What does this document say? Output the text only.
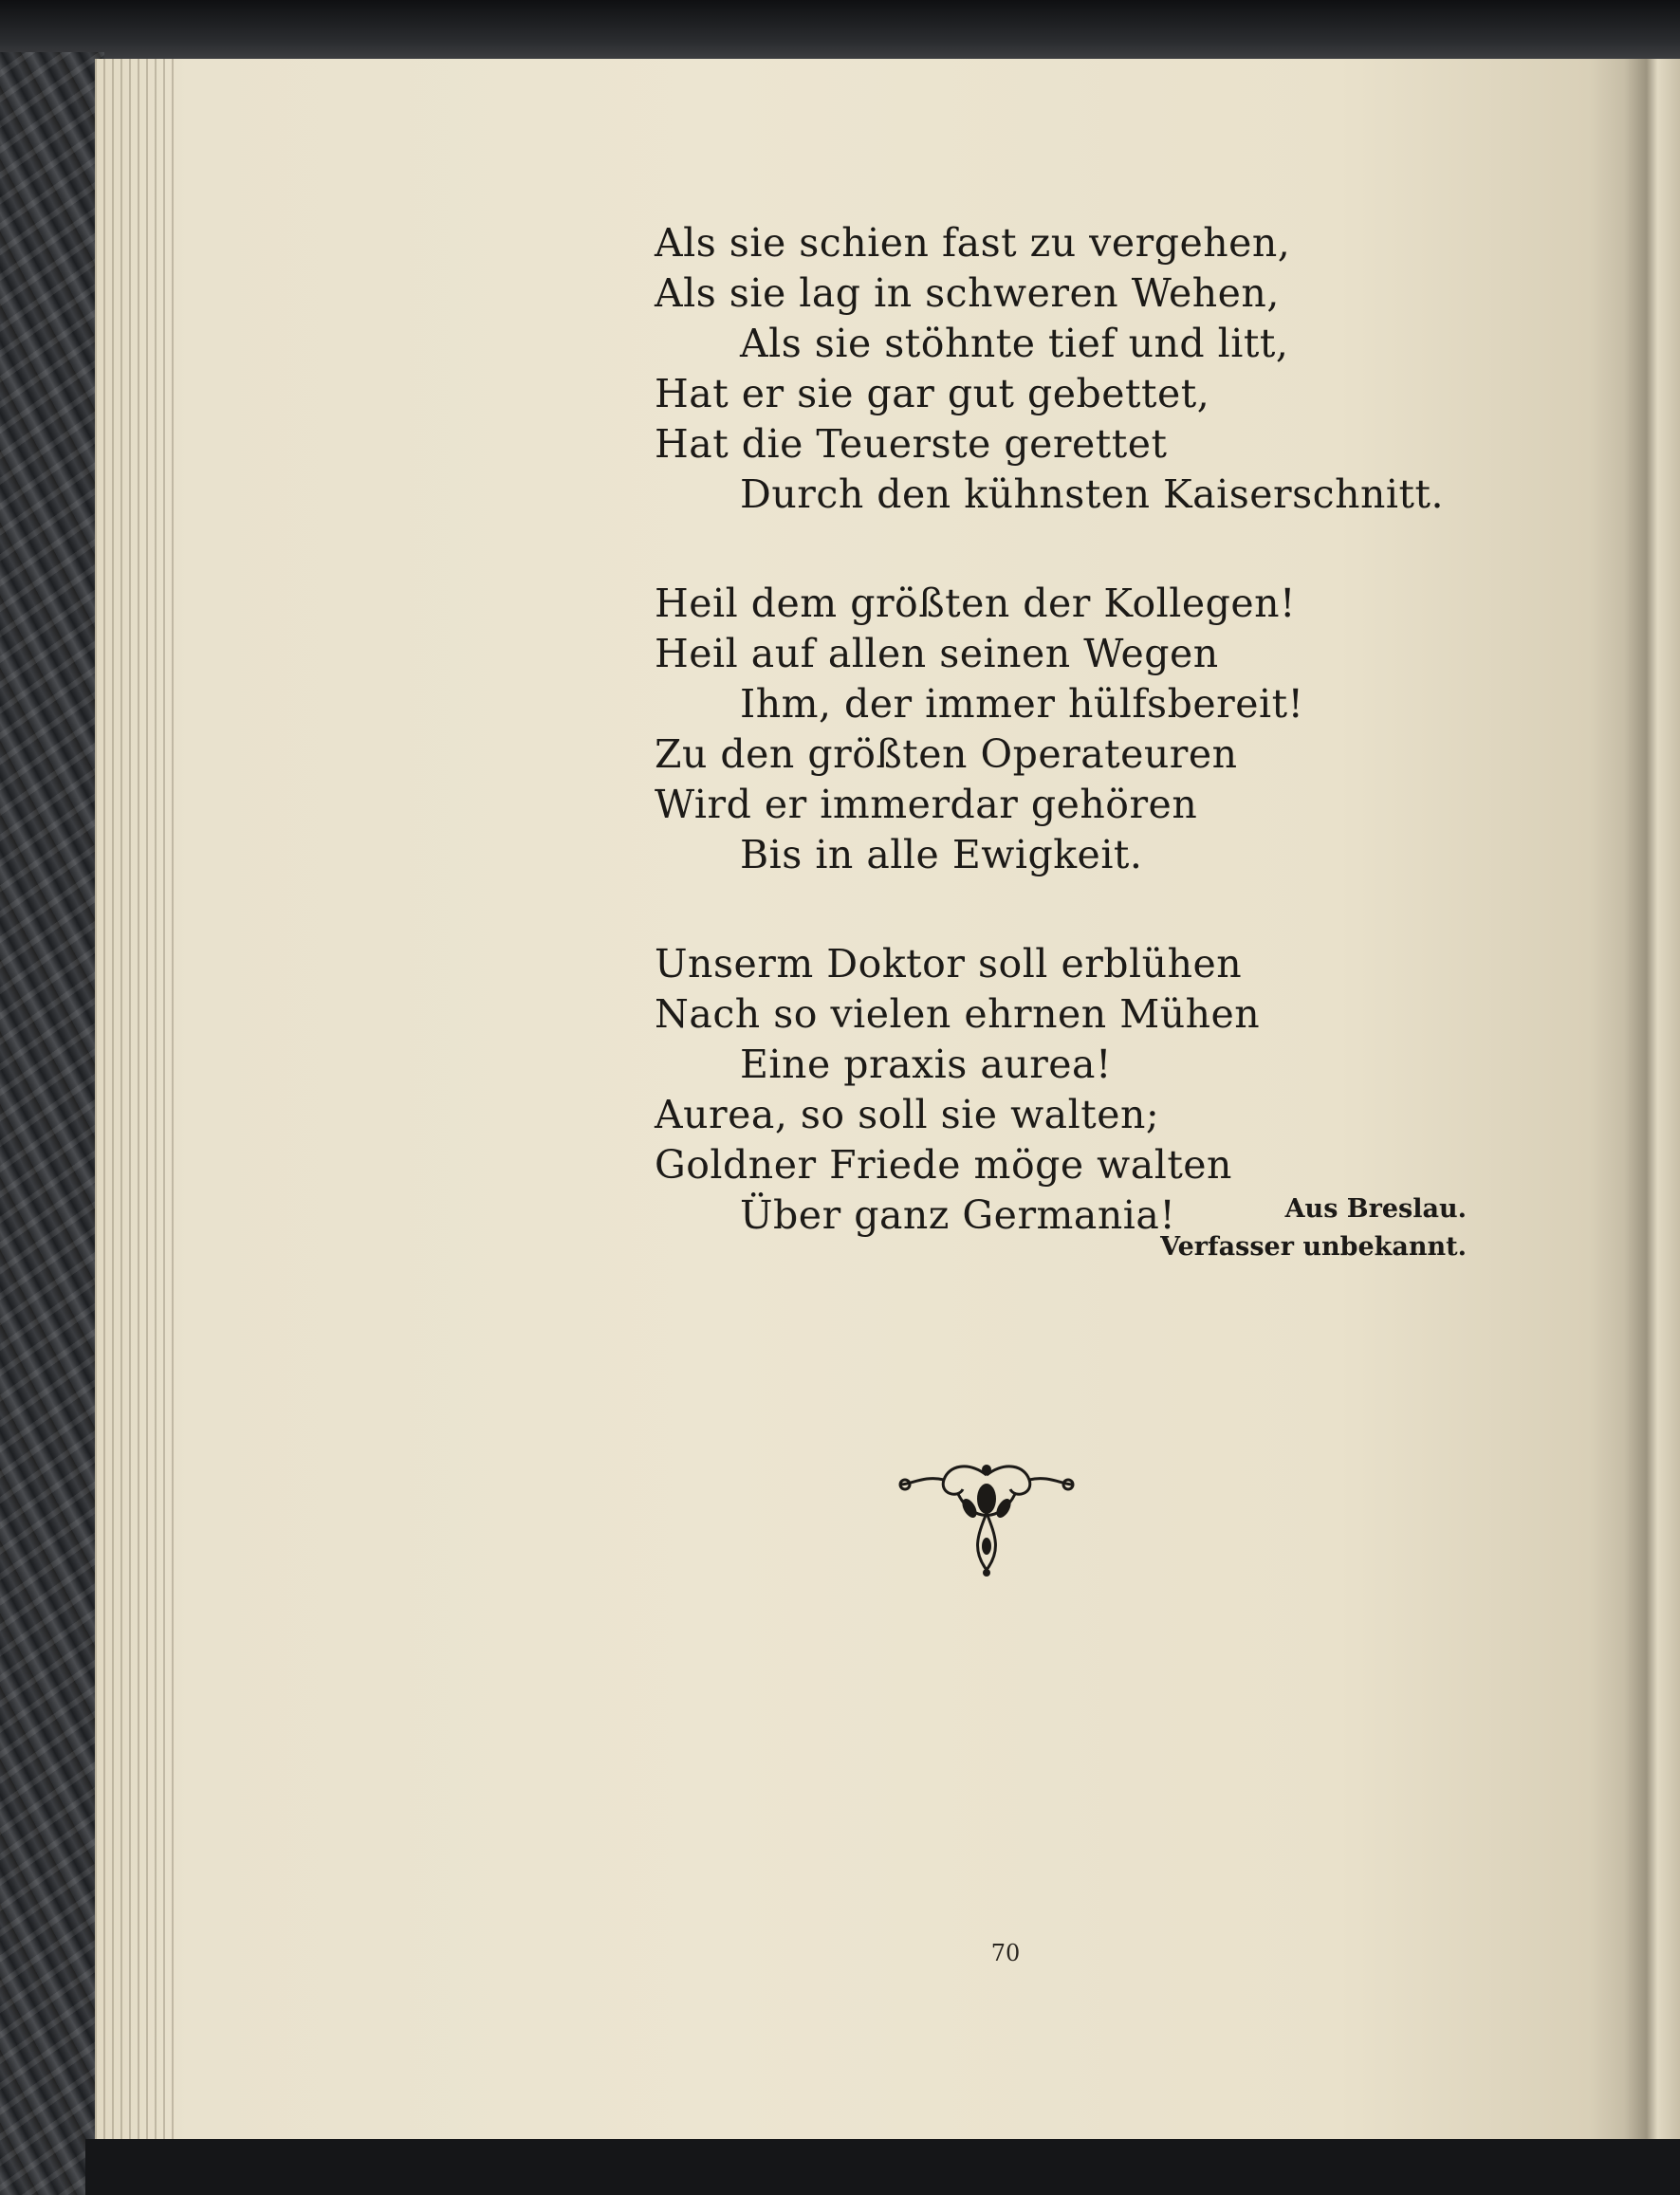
Als sie schien fast zu vergehen,
Als sie lag in schweren Wehen,
Als sie stöhnte tief und litt,
Hat er sie gar gut gebettet,
Hat die Teuerste gerettet
Durch den kühnsten Kaiserschnitt.
Heil dem größten der Kollegen!
Heil auf allen seinen Wegen
Ihm, der immer hülfsbereit!
Zu den größten Operateuren
Wird er immerdar gehören
Bis in alle Ewigkeit.
Unserm Doktor soll erblühen
Nach so vielen ehrnen Mühen
Eine praxis aurea!
Aurea, so soll sie walten;
Goldner Friede möge walten
Über ganz Germania!	Aus Breslau.
Verfasser unbekannt.
70
